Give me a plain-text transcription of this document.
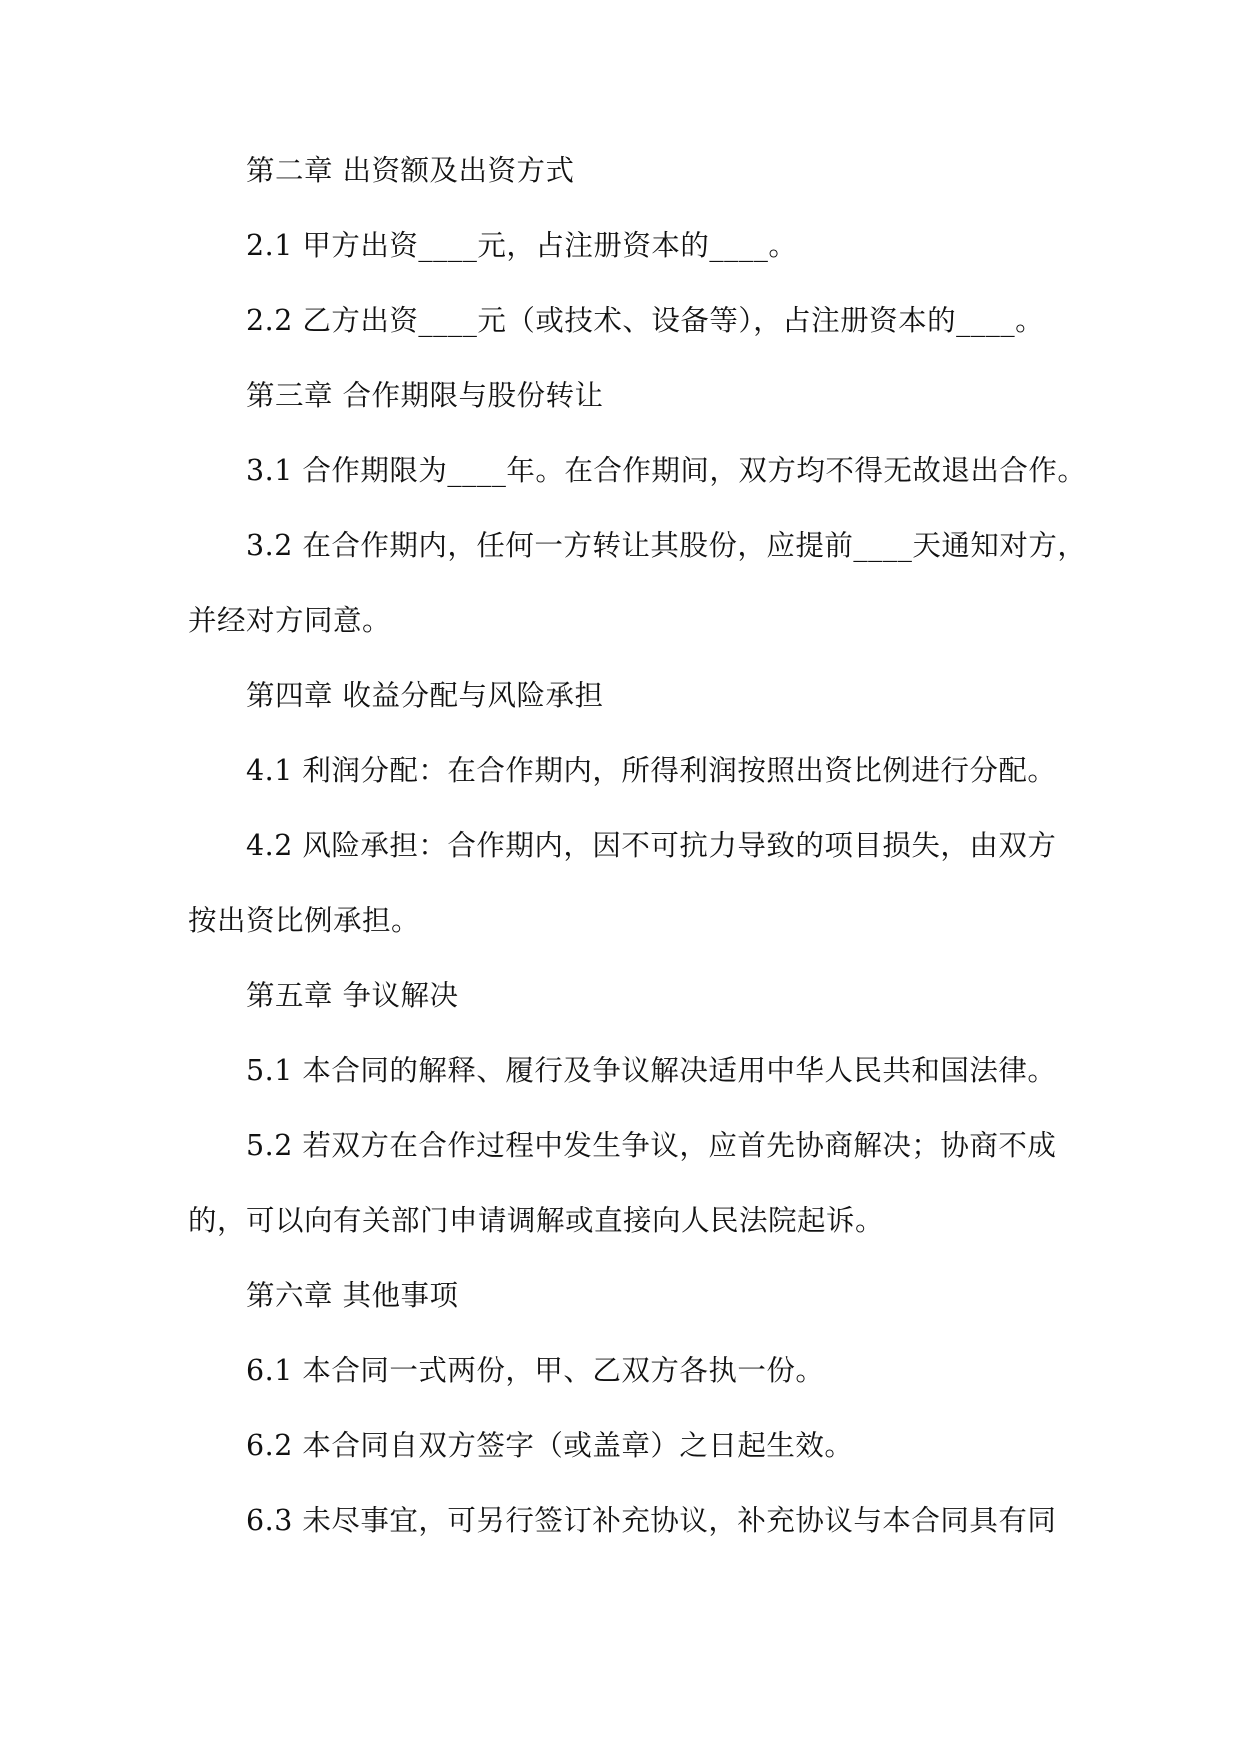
第二章 出资额及出资方式
2.1 甲方出资____元，占注册资本的____。
2.2 乙方出资____元（或技术、设备等），占注册资本的____。
第三章 合作期限与股份转让
3.1 合作期限为____年。在合作期间，双方均不得无故退出合作。
3.2 在合作期内，任何一方转让其股份，应提前____天通知对方，
并经对方同意。
第四章 收益分配与风险承担
4.1 利润分配：在合作期内，所得利润按照出资比例进行分配。
4.2 风险承担：合作期内，因不可抗力导致的项目损失，由双方
按出资比例承担。
第五章 争议解决
5.1 本合同的解释、履行及争议解决适用中华人民共和国法律。
5.2 若双方在合作过程中发生争议，应首先协商解决；协商不成
的，可以向有关部门申请调解或直接向人民法院起诉。
第六章 其他事项
6.1 本合同一式两份，甲、乙双方各执一份。
6.2 本合同自双方签字（或盖章）之日起生效。
6.3 未尽事宜，可另行签订补充协议，补充协议与本合同具有同
